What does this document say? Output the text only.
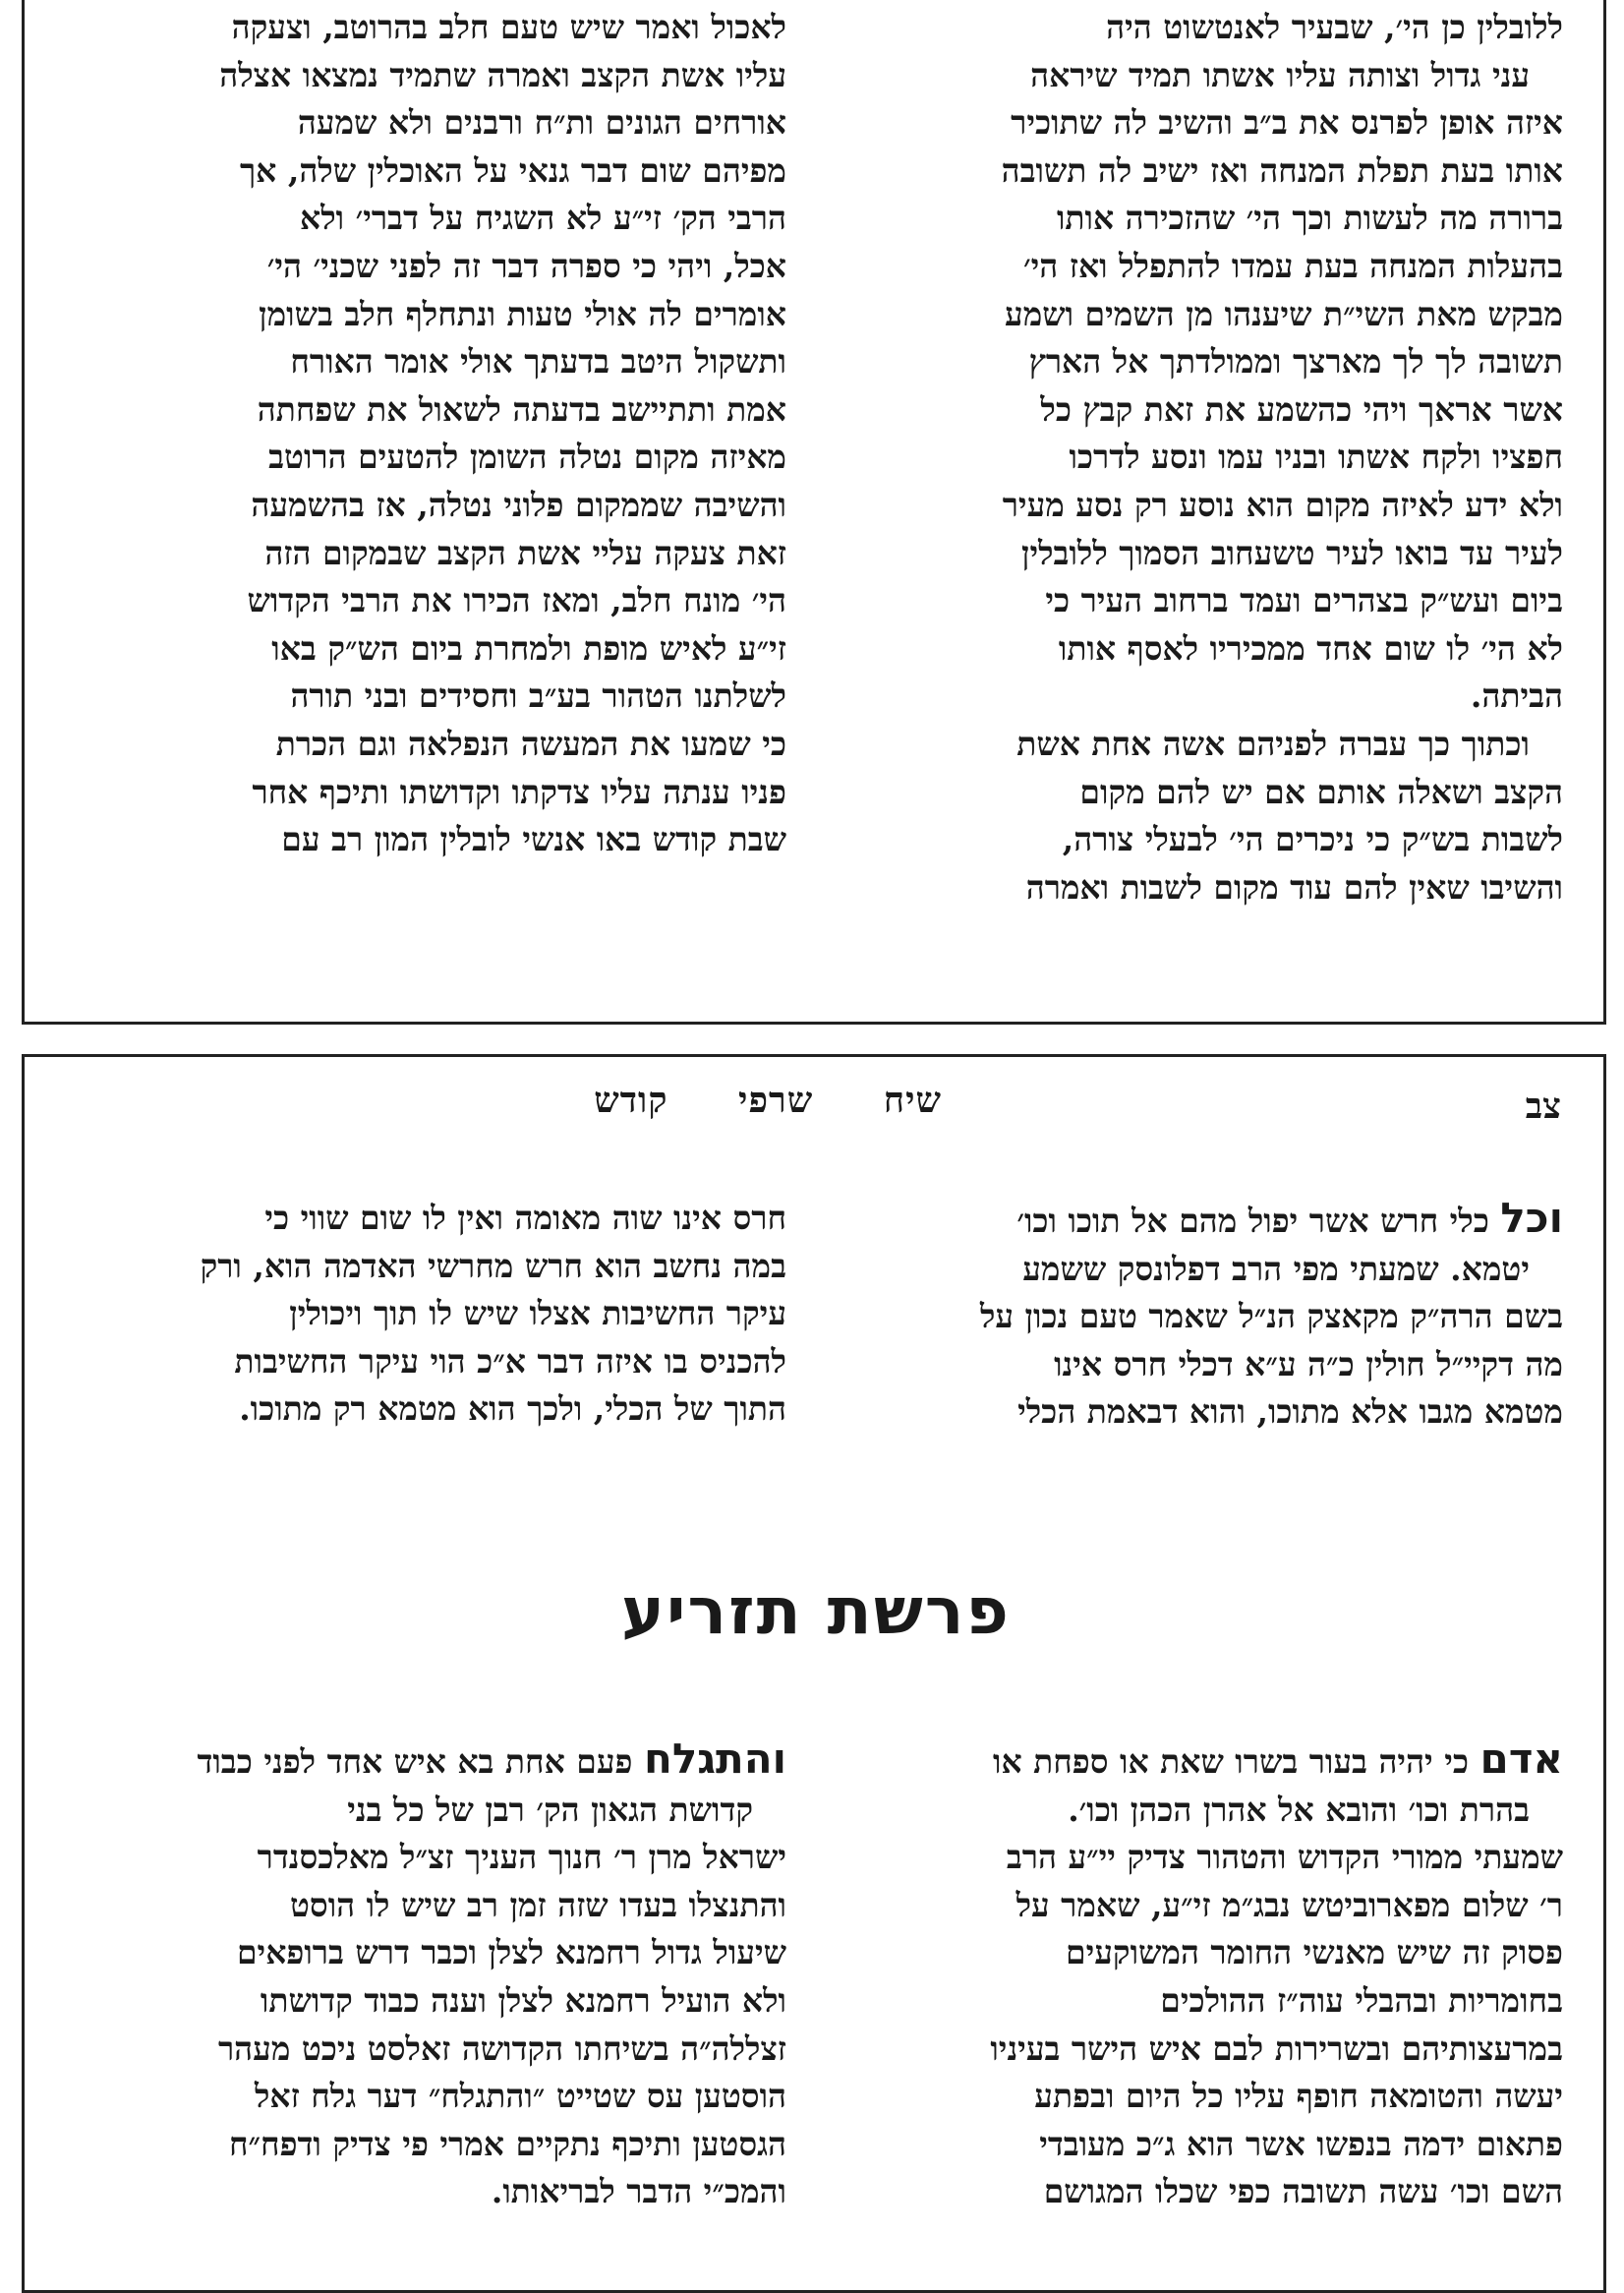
ללובלין כן הי׳, שבעיר לאנטשוט היה

עני גדול וצותה עליו אשתו תמיד שיראה

איזה אופן לפרנס את ב״ב והשיב לה שתוכיר

אותו בעת תפלת המנחה ואז ישיב לה תשובה

ברורה מה לעשות וכך הי׳ שהזכירה אותו

בהעלות המנחה בעת עמדו להתפלל ואז הי׳

מבקש מאת השי״ת שיענהו מן השמים ושמע

תשובה לך לך מארצך וממולדתך אל הארץ

אשר אראך ויהי כהשמע את זאת קבץ כל

חפציו ולקח אשתו ובניו עמו ונסע לדרכו

ולא ידע לאיזה מקום הוא נוסע רק נסע מעיר

לעיר עד בואו לעיר טשעחוב הסמוך ללובלין

ביום ועש״ק בצהרים ועמד ברחוב העיר כי

לא הי׳ לו שום אחד ממכיריו לאסף אותו

הביתה.

וכתוך כך עברה לפניהם אשה אחת אשת

הקצב ושאלה אותם אם יש להם מקום

לשבות בש״ק כי ניכרים הי׳ לבעלי צורה,

והשיבו שאין להם עוד מקום לשבות ואמרה

לאכול ואמר שיש טעם חלב בהרוטב, וצעקה

עליו אשת הקצב ואמרה שתמיד נמצאו אצלה

אורחים הגונים ות״ח ורבנים ולא שמעה

מפיהם שום דבר גנאי על האוכלין שלה, אך

הרבי הק׳ זי״ע לא השגיח על דברי׳ ולא

אכל, ויהי כי ספרה דבר זה לפני שכני׳ הי׳

אומרים לה אולי טעות ונתחלף חלב בשומן

ותשקול היטב בדעתך אולי אומר האורח

אמת ותתיישב בדעתה לשאול את שפחתה

מאיזה מקום נטלה השומן להטעים הרוטב

והשיבה שממקום פלוני נטלה, אז בהשמעה

זאת צעקה עליי אשת הקצב שבמקום הזה

הי׳ מונח חלב, ומאז הכירו את הרבי הקדוש

זי״ע לאיש מופת ולמחרת ביום הש״ק באו

לשלתנו הטהור בע״ב וחסידים ובני תורה

כי שמעו את המעשה הנפלאה וגם הכרת

פניו ענתה עליו צדקתו וקדושתו ותיכף אחר

שבת קודש באו אנשי לובלין המון רב עם

צב
שיח שרפי קודש

וכל כלי חרש אשר יפול מהם אל תוכו וכו׳

יטמא. שמעתי מפי הרב דפלונסק ששמע

בשם הרה״ק מקאצק הנ״ל שאמר טעם נכון על

מה דקיי״ל חולין כ״ה ע״א דכלי חרס אינו

מטמא מגבו אלא מתוכו, והוא דבאמת הכלי

חרס אינו שוה מאומה ואין לו שום שווי כי

במה נחשב הוא חרש מחרשי האדמה הוא, ורק

עיקר החשיבות אצלו שיש לו תוך ויכולין

להכניס בו איזה דבר א״כ הוי עיקר החשיבות

התוך של הכלי, ולכך הוא מטמא רק מתוכו.

פרשת תזריע

אדם כי יהיה בעור בשרו שאת או ספחת או

בהרת וכו׳ והובא אל אהרן הכהן וכו׳.

שמעתי ממורי הקדוש והטהור צדיק יי״ע הרב

ר׳ שלום מפארוביטש נבג״מ זי״ע, שאמר על

פסוק זה שיש מאנשי החומר המשוקעים

בחומריות ובהבלי עוה״ז ההולכים

במרעצותיהם ובשרירות לבם איש הישר בעיניו

יעשה והטומאה חופף עליו כל היום ובפתע

פתאום ידמה בנפשו אשר הוא ג״כ מעובדי

השם וכו׳ עשה תשובה כפי שכלו המגושם

והתגלח פעם אחת בא איש אחד לפני כבוד

קדושת הגאון הק׳ רבן של כל בני

ישראל מרן ר׳ חנוך העניך זצ״ל מאלכסנדר

והתנצלו בעדו שזה זמן רב שיש לו הוסט

שיעול גדול רחמנא לצלן וכבר דרש ברופאים

ולא הועיל רחמנא לצלן וענה כבוד קדושתו

זצללה״ה בשיחתו הקדושה זאלסט ניכט מעהר

הוסטען עס שטייט ״והתגלח״ דער גלח זאל

הגסטען ותיכף נתקיים אמרי פי צדיק ודפח״ח

והמכ״י הדבר לבריאותו.
